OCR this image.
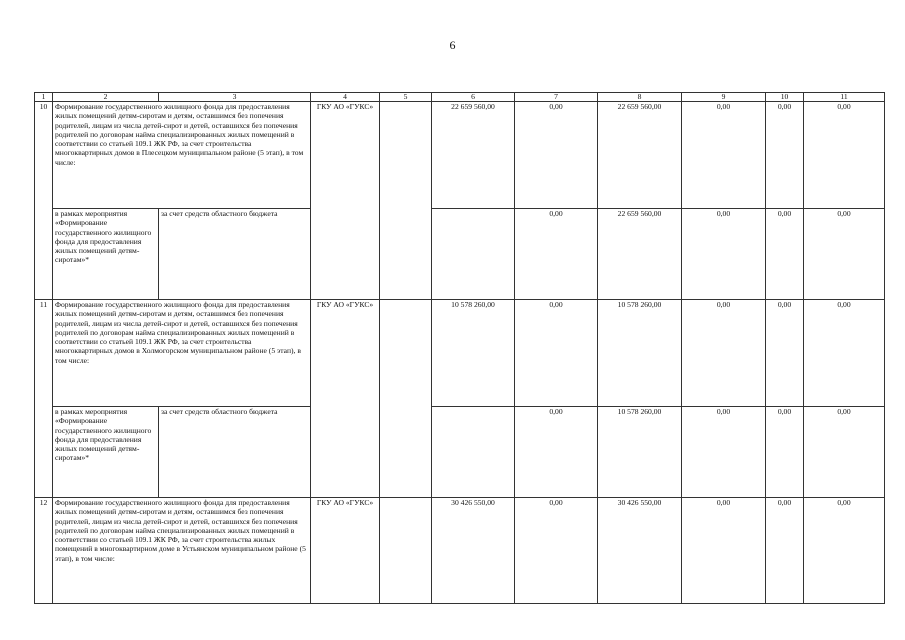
6
1	2	3	4	5	6	7	8	9	10	11
10	Формирование государственного жилищного фонда для предоставления жилых помещений детям-сиротам и детям, оставшимся без попечения родителей, лицам из числа детей-сирот и детей, оставшихся без попечения родителей по договорам найма специализированных жилых помещений в соответствии со статьей 109.1 ЖК РФ, за счет строительства многоквартирных домов в Плесецком муниципальном районе (5 этап), в том числе:		ГКУ АО «ГУКС»		22 659 560,00	0,00	22 659 560,00	0,00	0,00	0,00
	в рамках мероприятия «Формирование государственного жилищного фонда для предоставления жилых помещений детям-сиротам»*	за счет средств областного бюджета				0,00	22 659 560,00	0,00	0,00	0,00
11	Формирование государственного жилищного фонда для предоставления жилых помещений детям-сиротам и детям, оставшимся без попечения родителей, лицам из числа детей-сирот и детей, оставшихся без попечения родителей по договорам найма специализированных жилых помещений в соответствии со статьей 109.1 ЖК РФ, за счет строительства многоквартирных домов в Холмогорском муниципальном районе (5 этап), в том числе:		ГКУ АО «ГУКС»		10 578 260,00	0,00	10 578 260,00	0,00	0,00	0,00
	в рамках мероприятия «Формирование государственного жилищного фонда для предоставления жилых помещений детям-сиротам»*	за счет средств областного бюджета				0,00	10 578 260,00	0,00	0,00	0,00
12	Формирование государственного жилищного фонда для предоставления жилых помещений детям-сиротам и детям, оставшимся без попечения родителей, лицам из числа детей-сирот и детей, оставшихся без попечения родителей по договорам найма специализированных жилых помещений в соответствии со статьей 109.1 ЖК РФ, за счет строительства жилых помещений в многоквартирном доме в Устьянском муниципальном районе (5 этап), в том числе:		ГКУ АО «ГУКС»		30 426 550,00	0,00	30 426 550,00	0,00	0,00	0,00
